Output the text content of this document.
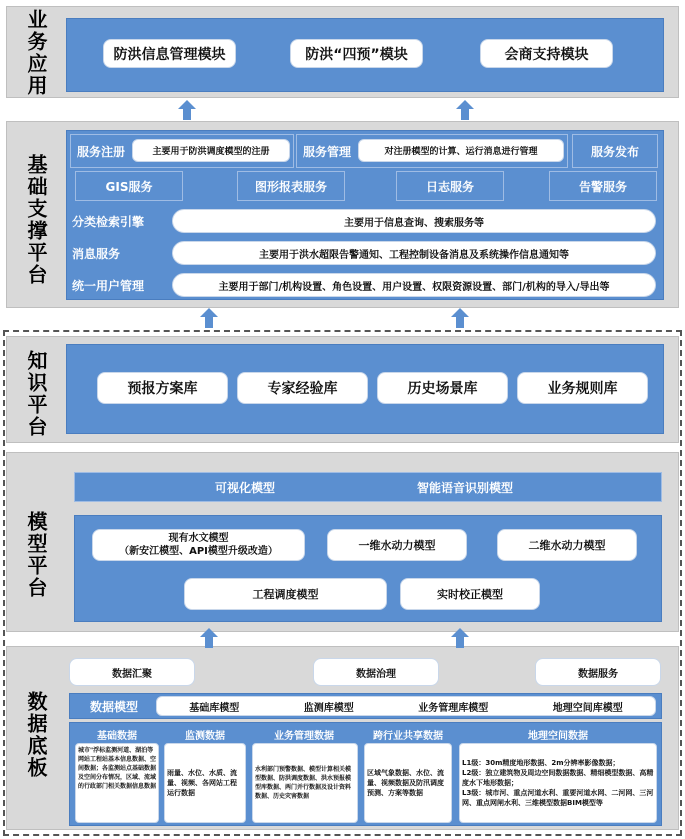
业务应用
基础支撑平台
知识平台
模型平台
数据底板
防洪信息管理模块	防洪“四预”模块	会商支持模块
服务注册	主要用于防洪调度模型的注册	服务管理	对注册模型的计算、运行消息进行管理	服务发布
GIS服务	图形报表服务	日志服务	告警服务
分类检索引擎	主要用于信息查询、搜索服务等
消息服务	主要用于洪水超限告警通知、工程控制设备消息及系统操作信息通知等
统一用户管理	主要用于部门/机构设置、角色设置、用户设置、权限资源设置、部门/机构的导入/导出等
预报方案库	专家经验库	历史场景库	业务规则库
可视化模型	智能语音识别模型
现有水文模型
（新安江模型、API模型升级改造）	一维水动力模型	二维水动力模型
工程调度模型	实时校正模型
数据汇聚	数据治理	数据服务
数据模型	基础库模型	监测库模型	业务管理库模型	地理空间库模型
基础数据
城市"浮标监测河道、湖泊等网站工程站基本信息数据、空间数据；各监测站点基础数据及空间分布情况，区域、流域的行政部门相关数据信息数据
监测数据
雨量、水位、水质、流量、视频、各网站工程运行数据
业务管理数据
水利部门预警数据、模型计算相关模型数据、防洪调度数据、洪水预报模型库数据、两门并行数据及设计资料数据、历史灾害数据
跨行业共享数据
区域气象数据、水位、流量、视频数据及防汛调度预测、方案等数据
地理空间数据
L1级：30m精度地形数据、2m分辨率影像数据；
L2级：独立建筑物及周边空间数据数据、精细模型数据、高精度水下地形数据；
L3级：城市河、重点河道水利、重要河道水网、二河网、三河网、重点网闸水利、三维模型数据BIM模型等
